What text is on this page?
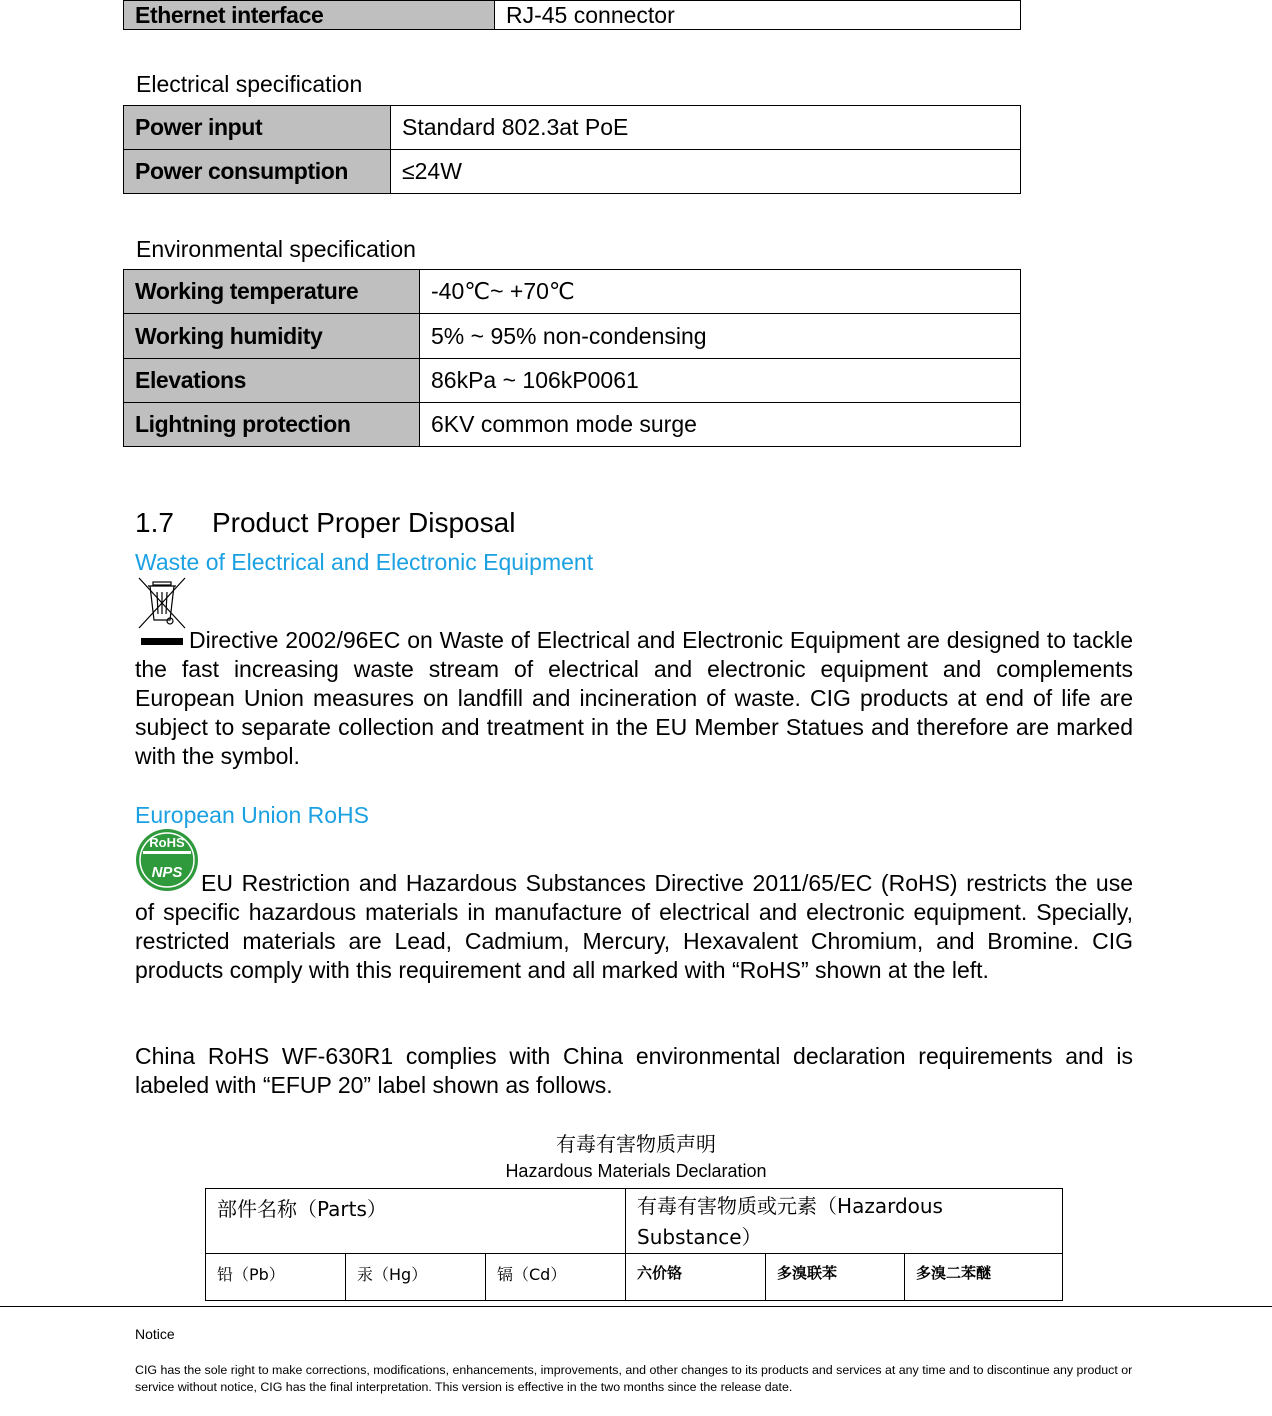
Ethernet interface	RJ-45 connector
Electrical specification
Power input	Standard 802.3at PoE
Power consumption	≤24W
Environmental specification
Working temperature	-40℃~ +70℃
Working humidity	5% ~ 95% non-condensing
Elevations	86kPa ~ 106kP0061
Lightning protection	6KV common mode surge
1.7 Product Proper Disposal
Waste of Electrical and Electronic Equipment
Directive 2002/96EC on Waste of Electrical and Electronic Equipment are designed to tackle the fast increasing waste stream of electrical and electronic equipment and complements European Union measures on landfill and incineration of waste. CIG products at end of life are subject to separate collection and treatment in the EU Member Statues and therefore are marked with the symbol.
European Union RoHS
RoHS
NPS EU Restriction and Hazardous Substances Directive 2011/65/EC (RoHS) restricts the use of specific hazardous materials in manufacture of electrical and electronic equipment. Specially, restricted materials are Lead, Cadmium, Mercury, Hexavalent Chromium, and Bromine. CIG products comply with this requirement and all marked with “RoHS” shown at the left.
China RoHS WF-630R1 complies with China environmental declaration requirements and is labeled with “EFUP 20” label shown as follows.
有毒有害物质声明
Hazardous Materials Declaration
部件名称（Parts）			有毒有害物质或元素（Hazardous Substance）		
铅（Pb）	汞（Hg）	镉（Cd）	六价铬	多溴联苯	多溴二苯醚
Notice
CIG has the sole right to make corrections, modifications, enhancements, improvements, and other changes to its products and services at any time and to discontinue any product or service without notice, CIG has the final interpretation. This version is effective in the two months since the release date.
